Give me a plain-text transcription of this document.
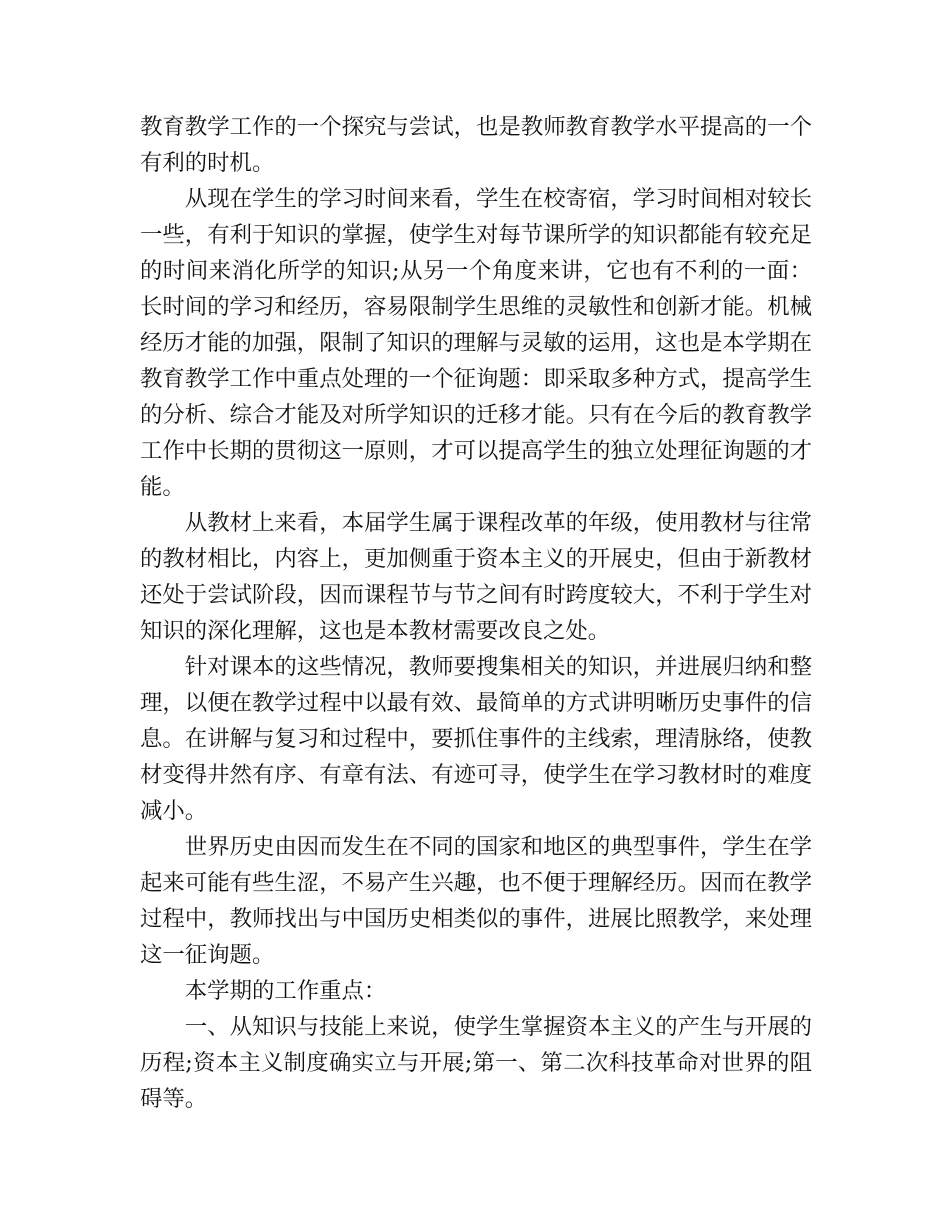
教育教学工作的一个探究与尝试，也是教师教育教学水平提高的一个有利的时机。

从现在学生的学习时间来看，学生在校寄宿，学习时间相对较长一些，有利于知识的掌握，使学生对每节课所学的知识都能有较充足的时间来消化所学的知识;从另一个角度来讲，它也有不利的一面：长时间的学习和经历，容易限制学生思维的灵敏性和创新才能。机械经历才能的加强，限制了知识的理解与灵敏的运用，这也是本学期在教育教学工作中重点处理的一个征询题：即采取多种方式，提高学生的分析、综合才能及对所学知识的迁移才能。只有在今后的教育教学工作中长期的贯彻这一原则，才可以提高学生的独立处理征询题的才能。

从教材上来看，本届学生属于课程改革的年级，使用教材与往常的教材相比，内容上，更加侧重于资本主义的开展史，但由于新教材还处于尝试阶段，因而课程节与节之间有时跨度较大，不利于学生对知识的深化理解，这也是本教材需要改良之处。

针对课本的这些情况，教师要搜集相关的知识，并进展归纳和整理，以便在教学过程中以最有效、最简单的方式讲明晰历史事件的信息。在讲解与复习和过程中，要抓住事件的主线索，理清脉络，使教材变得井然有序、有章有法、有迹可寻，使学生在学习教材时的难度减小。

世界历史由因而发生在不同的国家和地区的典型事件，学生在学起来可能有些生涩，不易产生兴趣，也不便于理解经历。因而在教学过程中，教师找出与中国历史相类似的事件，进展比照教学，来处理这一征询题。

本学期的工作重点：

一、从知识与技能上来说，使学生掌握资本主义的产生与开展的历程;资本主义制度确实立与开展;第一、第二次科技革命对世界的阻碍等。
